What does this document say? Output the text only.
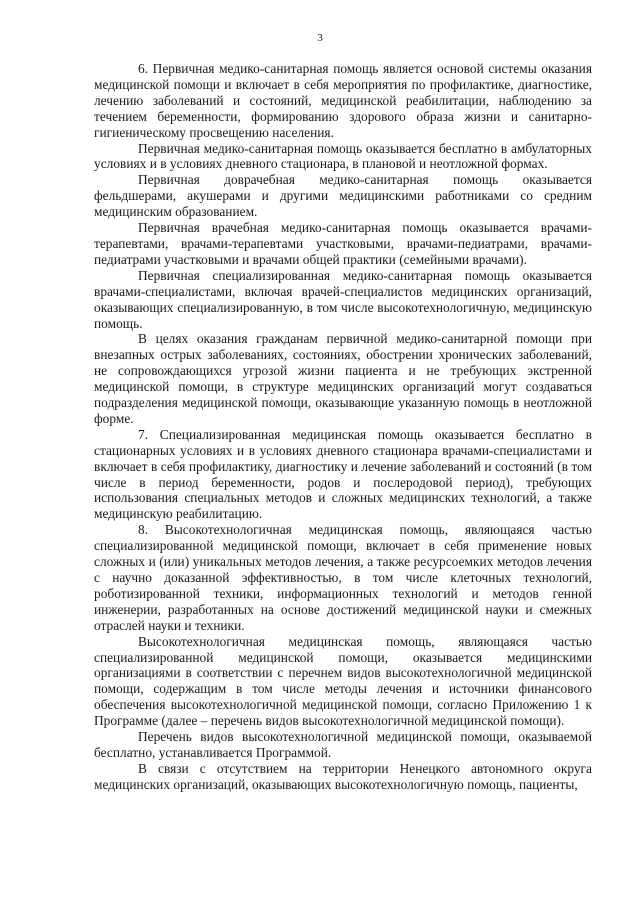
3

6. Первичная медико-санитарная помощь является основой системы оказания медицинской помощи и включает в себя мероприятия по профилактике, диагностике, лечению заболеваний и состояний, медицинской реабилитации, наблюдению за течением беременности, формированию здорового образа жизни и санитарно-гигиеническому просвещению населения.

Первичная медико-санитарная помощь оказывается бесплатно в амбулаторных условиях и в условиях дневного стационара, в плановой и неотложной формах.

Первичная доврачебная медико-санитарная помощь оказывается фельдшерами, акушерами и другими медицинскими работниками со средним медицинским образованием.

Первичная врачебная медико-санитарная помощь оказывается врачами-терапевтами, врачами-терапевтами участковыми, врачами-педиатрами, врачами-педиатрами участковыми и врачами общей практики (семейными врачами).

Первичная специализированная медико-санитарная помощь оказывается врачами-специалистами, включая врачей-специалистов медицинских организаций, оказывающих специализированную, в том числе высокотехнологичную, медицинскую помощь.

В целях оказания гражданам первичной медико-санитарной помощи при внезапных острых заболеваниях, состояниях, обострении хронических заболеваний, не сопровождающихся угрозой жизни пациента и не требующих экстренной медицинской помощи, в структуре медицинских организаций могут создаваться подразделения медицинской помощи, оказывающие указанную помощь в неотложной форме.

7. Специализированная медицинская помощь оказывается бесплатно в стационарных условиях и в условиях дневного стационара врачами-специалистами и включает в себя профилактику, диагностику и лечение заболеваний и состояний (в том числе в период беременности, родов и послеродовой период), требующих использования специальных методов и сложных медицинских технологий, а также медицинскую реабилитацию.

8. Высокотехнологичная медицинская помощь, являющаяся частью специализированной медицинской помощи, включает в себя применение новых сложных и (или) уникальных методов лечения, а также ресурсоемких методов лечения с научно доказанной эффективностью, в том числе клеточных технологий, роботизированной техники, информационных технологий и методов генной инженерии, разработанных на основе достижений медицинской науки и смежных отраслей науки и техники.

Высокотехнологичная медицинская помощь, являющаяся частью специализированной медицинской помощи, оказывается медицинскими организациями в соответствии с перечнем видов высокотехнологичной медицинской помощи, содержащим в том числе методы лечения и источники финансового обеспечения высокотехнологичной медицинской помощи, согласно Приложению 1 к Программе (далее – перечень видов высокотехнологичной медицинской помощи).

Перечень видов высокотехнологичной медицинской помощи, оказываемой бесплатно, устанавливается Программой.

В связи с отсутствием на территории Ненецкого автономного округа медицинских организаций, оказывающих высокотехнологичную помощь, пациенты,
